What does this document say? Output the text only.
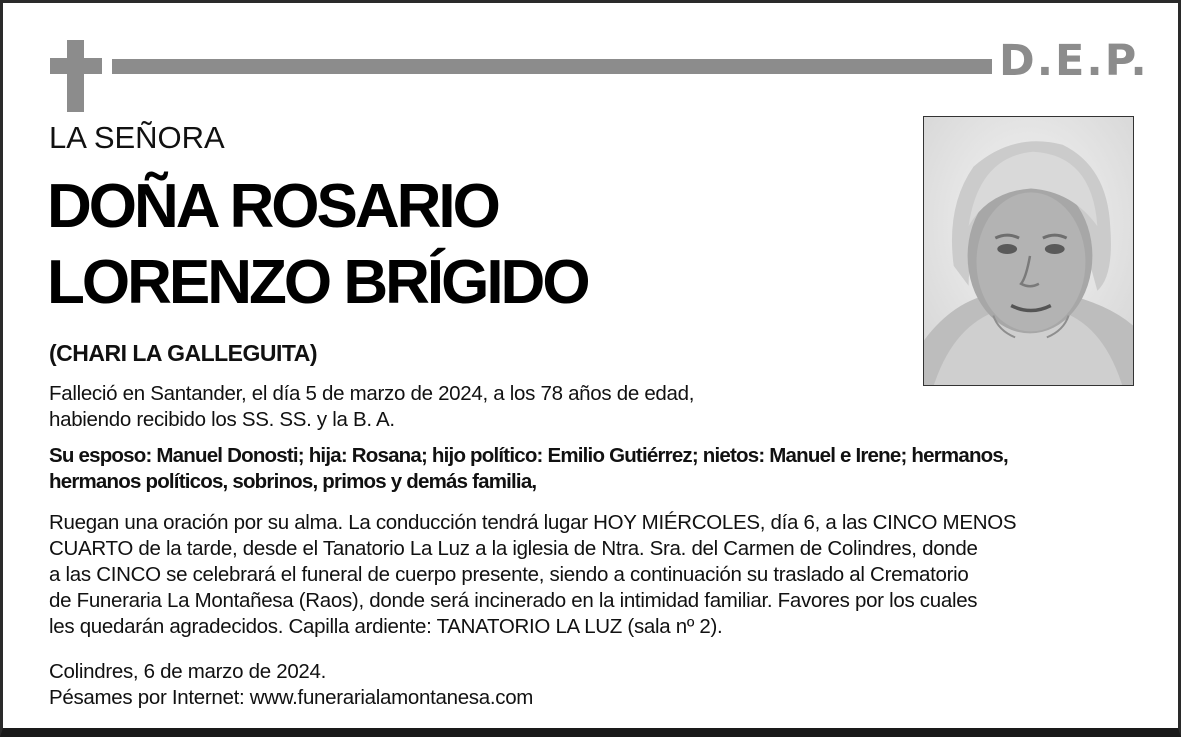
D.E.P.
LA SEÑORA
DOÑA ROSARIO
LORENZO BRÍGIDO
(CHARI LA GALLEGUITA)
Falleció en Santander, el día 5 de marzo de 2024, a los 78 años de edad,
habiendo recibido los SS. SS. y la B. A.
Su esposo: Manuel Donosti; hija: Rosana; hijo político: Emilio Gutiérrez; nietos: Manuel e Irene; hermanos,
hermanos políticos, sobrinos, primos y demás familia,
Ruegan una oración por su alma. La conducción tendrá lugar HOY MIÉRCOLES, día 6, a las CINCO MENOS
CUARTO de la tarde, desde el Tanatorio La Luz a la iglesia de Ntra. Sra. del Carmen de Colindres, donde
a las CINCO se celebrará el funeral de cuerpo presente, siendo a continuación su traslado al Crematorio
de Funeraria La Montañesa (Raos), donde será incinerado en la intimidad familiar. Favores por los cuales
les quedarán agradecidos. Capilla ardiente: TANATORIO LA LUZ (sala nº 2).
Colindres, 6 de marzo de 2024.
Pésames por Internet: www.funerarialamontanesa.com
